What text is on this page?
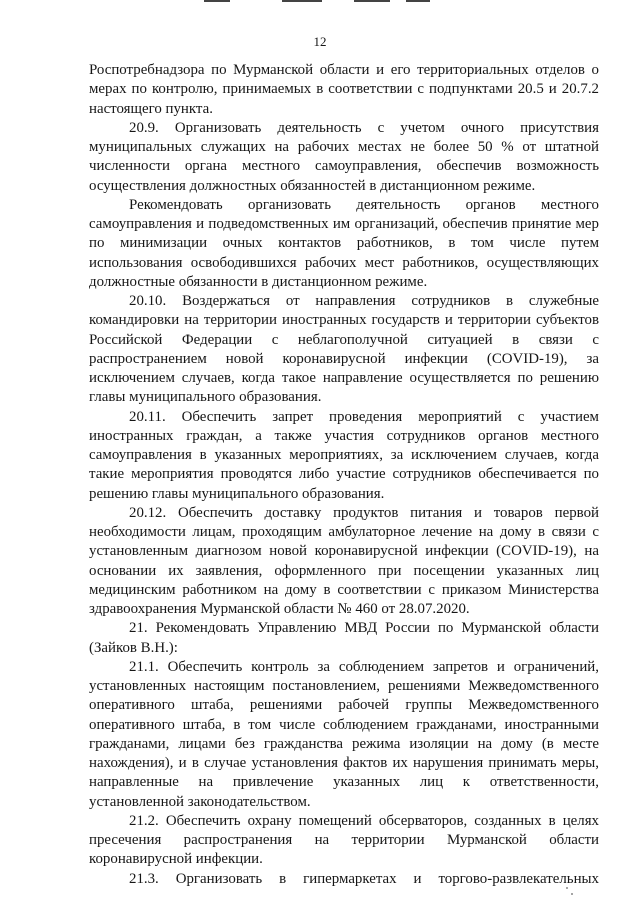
12

Роспотребнадзора по Мурманской области и его территориальных отделов о мерах по контролю, принимаемых в соответствии с подпунктами 20.5 и 20.7.2 настоящего пункта.

20.9. Организовать деятельность с учетом очного присутствия муниципальных служащих на рабочих местах не более 50 % от штатной численности органа местного самоуправления, обеспечив возможность осуществления должностных обязанностей в дистанционном режиме.

Рекомендовать организовать деятельность органов местного самоуправления и подведомственных им организаций, обеспечив принятие мер по минимизации очных контактов работников, в том числе путем использования освободившихся рабочих мест работников, осуществляющих должностные обязанности в дистанционном режиме.

20.10. Воздержаться от направления сотрудников в служебные командировки на территории иностранных государств и территории субъектов Российской Федерации с неблагополучной ситуацией в связи с распространением новой коронавирусной инфекции (COVID-19), за исключением случаев, когда такое направление осуществляется по решению главы муниципального образования.

20.11. Обеспечить запрет проведения мероприятий с участием иностранных граждан, а также участия сотрудников органов местного самоуправления в указанных мероприятиях, за исключением случаев, когда такие мероприятия проводятся либо участие сотрудников обеспечивается по решению главы муниципального образования.

20.12. Обеспечить доставку продуктов питания и товаров первой необходимости лицам, проходящим амбулаторное лечение на дому в связи с установленным диагнозом новой коронавирусной инфекции (COVID-19), на основании их заявления, оформленного при посещении указанных лиц медицинским работником на дому в соответствии с приказом Министерства здравоохранения Мурманской области № 460 от 28.07.2020.

21. Рекомендовать Управлению МВД России по Мурманской области (Зайков В.Н.):

21.1. Обеспечить контроль за соблюдением запретов и ограничений, установленных настоящим постановлением, решениями Межведомственного оперативного штаба, решениями рабочей группы Межведомственного оперативного штаба, в том числе соблюдением гражданами, иностранными гражданами, лицами без гражданства режима изоляции на дому (в месте нахождения), и в случае установления фактов их нарушения принимать меры, направленные на привлечение указанных лиц к ответственности, установленной законодательством.

21.2. Обеспечить охрану помещений обсерваторов, созданных в целях пресечения распространения на территории Мурманской области коронавирусной инфекции.

21.3. Организовать в гипермаркетах и торгово-развлекательных
